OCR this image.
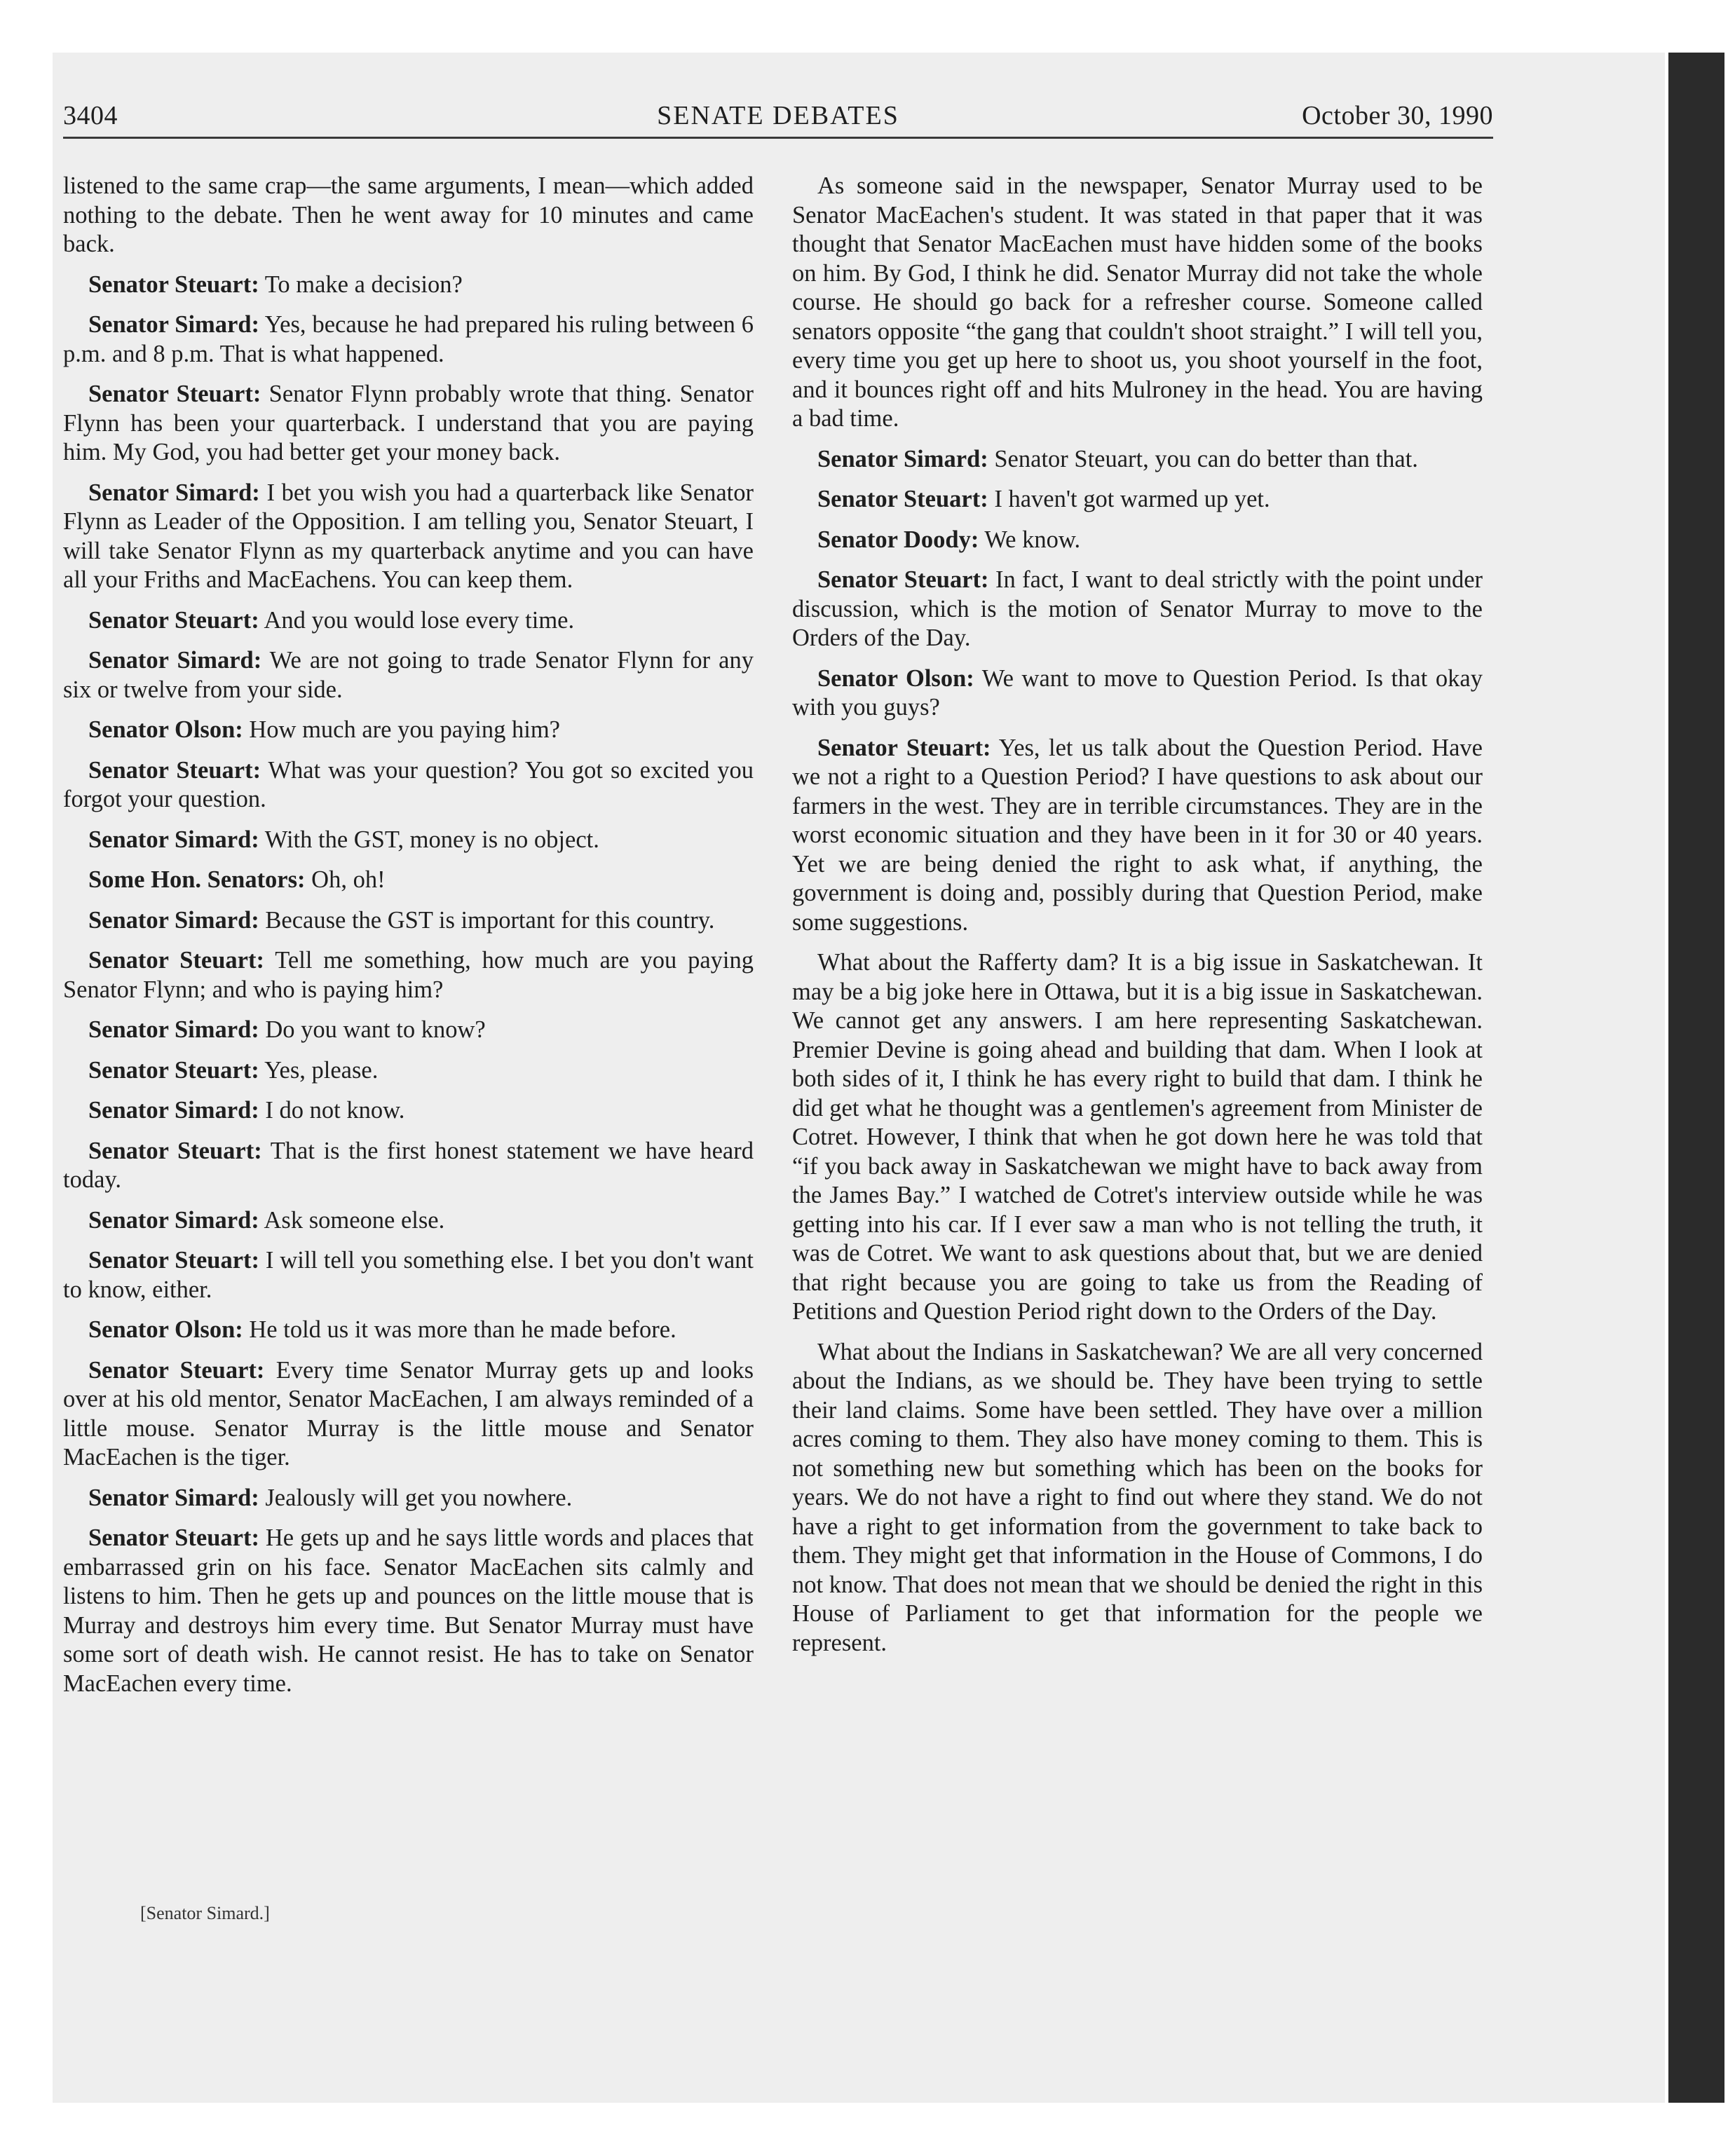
3404	SENATE DEBATES	October 30, 1990

listened to the same crap—the same arguments, I mean—which added nothing to the debate. Then he went away for 10 minutes and came back.

Senator Steuart: To make a decision?

Senator Simard: Yes, because he had prepared his ruling between 6 p.m. and 8 p.m. That is what happened.

Senator Steuart: Senator Flynn probably wrote that thing. Senator Flynn has been your quarterback. I understand that you are paying him. My God, you had better get your money back.

Senator Simard: I bet you wish you had a quarterback like Senator Flynn as Leader of the Opposition. I am telling you, Senator Steuart, I will take Senator Flynn as my quarterback anytime and you can have all your Friths and MacEachens. You can keep them.

Senator Steuart: And you would lose every time.

Senator Simard: We are not going to trade Senator Flynn for any six or twelve from your side.

Senator Olson: How much are you paying him?

Senator Steuart: What was your question? You got so excited you forgot your question.

Senator Simard: With the GST, money is no object.

Some Hon. Senators: Oh, oh!

Senator Simard: Because the GST is important for this country.

Senator Steuart: Tell me something, how much are you paying Senator Flynn; and who is paying him?

Senator Simard: Do you want to know?

Senator Steuart: Yes, please.

Senator Simard: I do not know.

Senator Steuart: That is the first honest statement we have heard today.

Senator Simard: Ask someone else.

Senator Steuart: I will tell you something else. I bet you don't want to know, either.

Senator Olson: He told us it was more than he made before.

Senator Steuart: Every time Senator Murray gets up and looks over at his old mentor, Senator MacEachen, I am always reminded of a little mouse. Senator Murray is the little mouse and Senator MacEachen is the tiger.

Senator Simard: Jealously will get you nowhere.

Senator Steuart: He gets up and he says little words and places that embarrassed grin on his face. Senator MacEachen sits calmly and listens to him. Then he gets up and pounces on the little mouse that is Murray and destroys him every time. But Senator Murray must have some sort of death wish. He cannot resist. He has to take on Senator MacEachen every time.

As someone said in the newspaper, Senator Murray used to be Senator MacEachen's student. It was stated in that paper that it was thought that Senator MacEachen must have hidden some of the books on him. By God, I think he did. Senator Murray did not take the whole course. He should go back for a refresher course. Someone called senators opposite “the gang that couldn't shoot straight.” I will tell you, every time you get up here to shoot us, you shoot yourself in the foot, and it bounces right off and hits Mulroney in the head. You are having a bad time.

Senator Simard: Senator Steuart, you can do better than that.

Senator Steuart: I haven't got warmed up yet.

Senator Doody: We know.

Senator Steuart: In fact, I want to deal strictly with the point under discussion, which is the motion of Senator Murray to move to the Orders of the Day.

Senator Olson: We want to move to Question Period. Is that okay with you guys?

Senator Steuart: Yes, let us talk about the Question Period. Have we not a right to a Question Period? I have questions to ask about our farmers in the west. They are in terrible circumstances. They are in the worst economic situation and they have been in it for 30 or 40 years. Yet we are being denied the right to ask what, if anything, the government is doing and, possibly during that Question Period, make some suggestions.

What about the Rafferty dam? It is a big issue in Saskatchewan. It may be a big joke here in Ottawa, but it is a big issue in Saskatchewan. We cannot get any answers. I am here representing Saskatchewan. Premier Devine is going ahead and building that dam. When I look at both sides of it, I think he has every right to build that dam. I think he did get what he thought was a gentlemen's agreement from Minister de Cotret. However, I think that when he got down here he was told that “if you back away in Saskatchewan we might have to back away from the James Bay.” I watched de Cotret's interview outside while he was getting into his car. If I ever saw a man who is not telling the truth, it was de Cotret. We want to ask questions about that, but we are denied that right because you are going to take us from the Reading of Petitions and Question Period right down to the Orders of the Day.

What about the Indians in Saskatchewan? We are all very concerned about the Indians, as we should be. They have been trying to settle their land claims. Some have been settled. They have over a million acres coming to them. They also have money coming to them. This is not something new but something which has been on the books for years. We do not have a right to find out where they stand. We do not have a right to get information from the government to take back to them. They might get that information in the House of Commons, I do not know. That does not mean that we should be denied the right in this House of Parliament to get that information for the people we represent.

[Senator Simard.]
